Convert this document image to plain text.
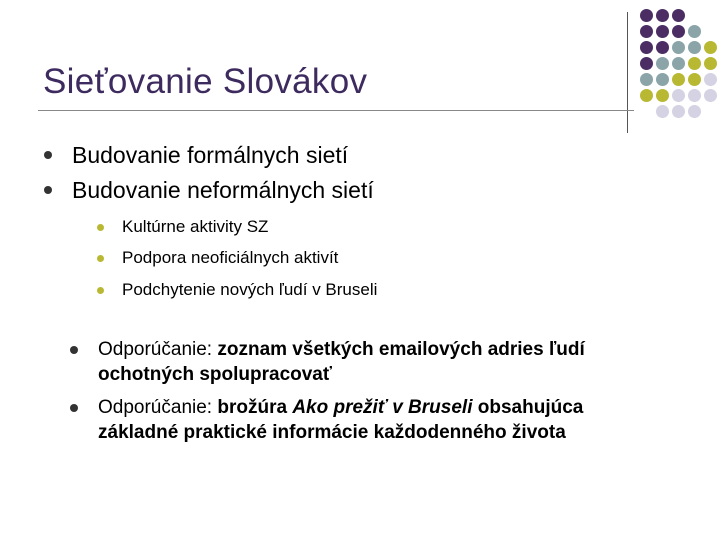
Sieťovanie Slovákov
Budovanie formálnych sietí
Budovanie neformálnych sietí
Kultúrne aktivity SZ
Podpora neoficiálnych aktivít
Podchytenie nových ľudí v Bruseli
Odporúčanie: zoznam všetkých emailových adries ľudí
ochotných spolupracovať
Odporúčanie: brožúra Ako prežiť v Bruseli obsahujúca
základné praktické informácie každodenného života
